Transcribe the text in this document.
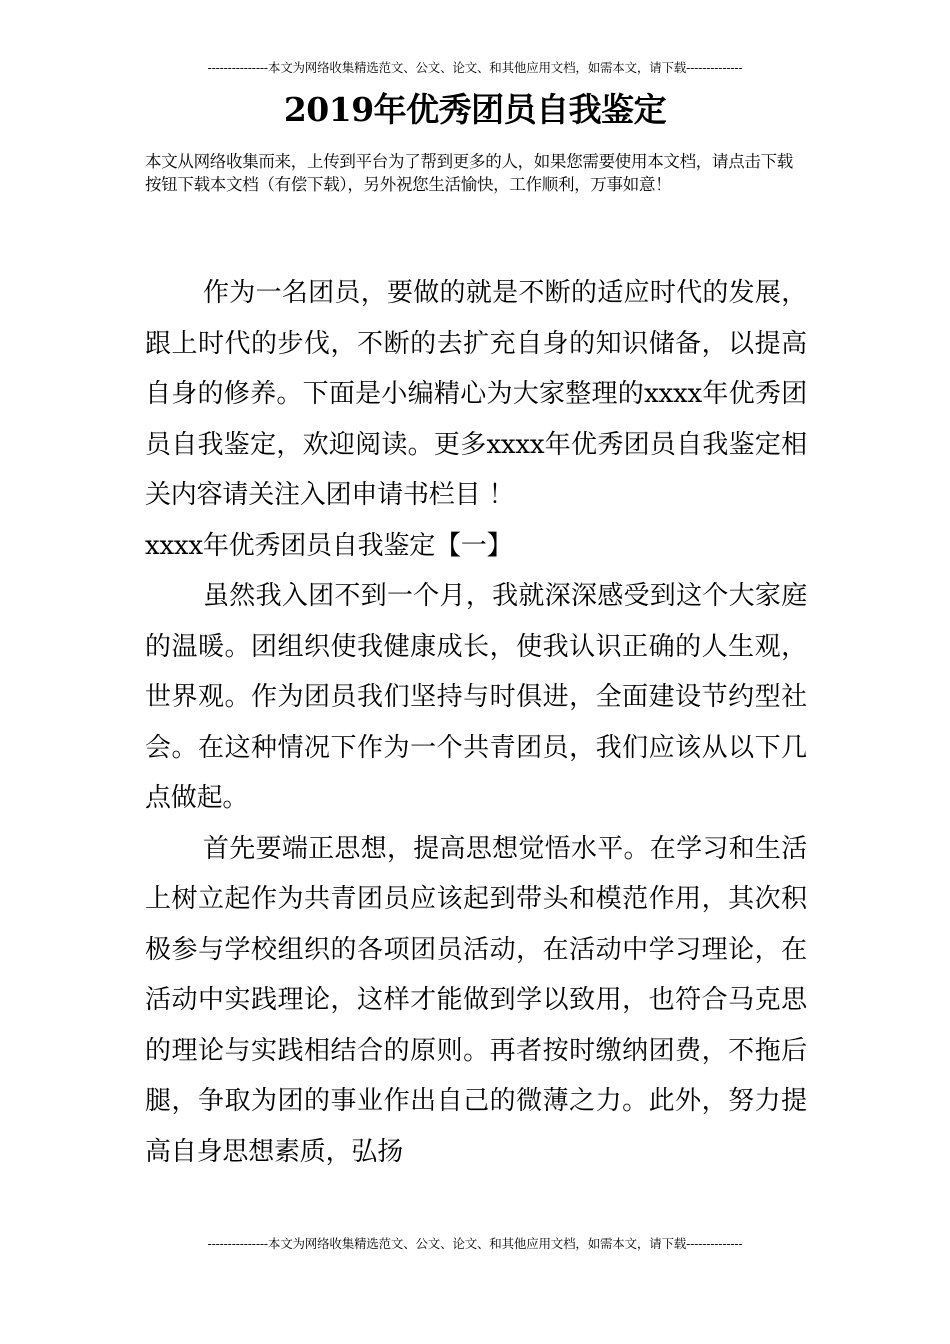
---------------本文为网络收集精选范文、公文、论文、和其他应用文档，如需本文，请下载--------------
2019年优秀团员自我鉴定

本文从网络收集而来，上传到平台为了帮到更多的人，如果您需要使用本文档，请点击下载按钮下载本文档（有偿下载），另外祝您生活愉快，工作顺利，万事如意！

作为一名团员，要做的就是不断的适应时代的发展，跟上时代的步伐，不断的去扩充自身的知识储备，以提高自身的修养。下面是小编精心为大家整理的xxxx年优秀团员自我鉴定，欢迎阅读。更多xxxx年优秀团员自我鉴定相关内容请关注入团申请书栏目 ！

xxxx年优秀团员自我鉴定【一】

虽然我入团不到一个月，我就深深感受到这个大家庭的温暖。团组织使我健康成长，使我认识正确的人生观，世界观。作为团员我们坚持与时俱进，全面建设节约型社会。在这种情况下作为一个共青团员，我们应该从以下几点做起。

首先要端正思想，提高思想觉悟水平。在学习和生活上树立起作为共青团员应该起到带头和模范作用，其次积极参与学校组织的各项团员活动，在活动中学习理论，在活动中实践理论，这样才能做到学以致用，也符合马克思的理论与实践相结合的原则。再者按时缴纳团费，不拖后腿，争取为团的事业作出自己的微薄之力。此外，努力提高自身思想素质，弘扬

---------------本文为网络收集精选范文、公文、论文、和其他应用文档，如需本文，请下载--------------
